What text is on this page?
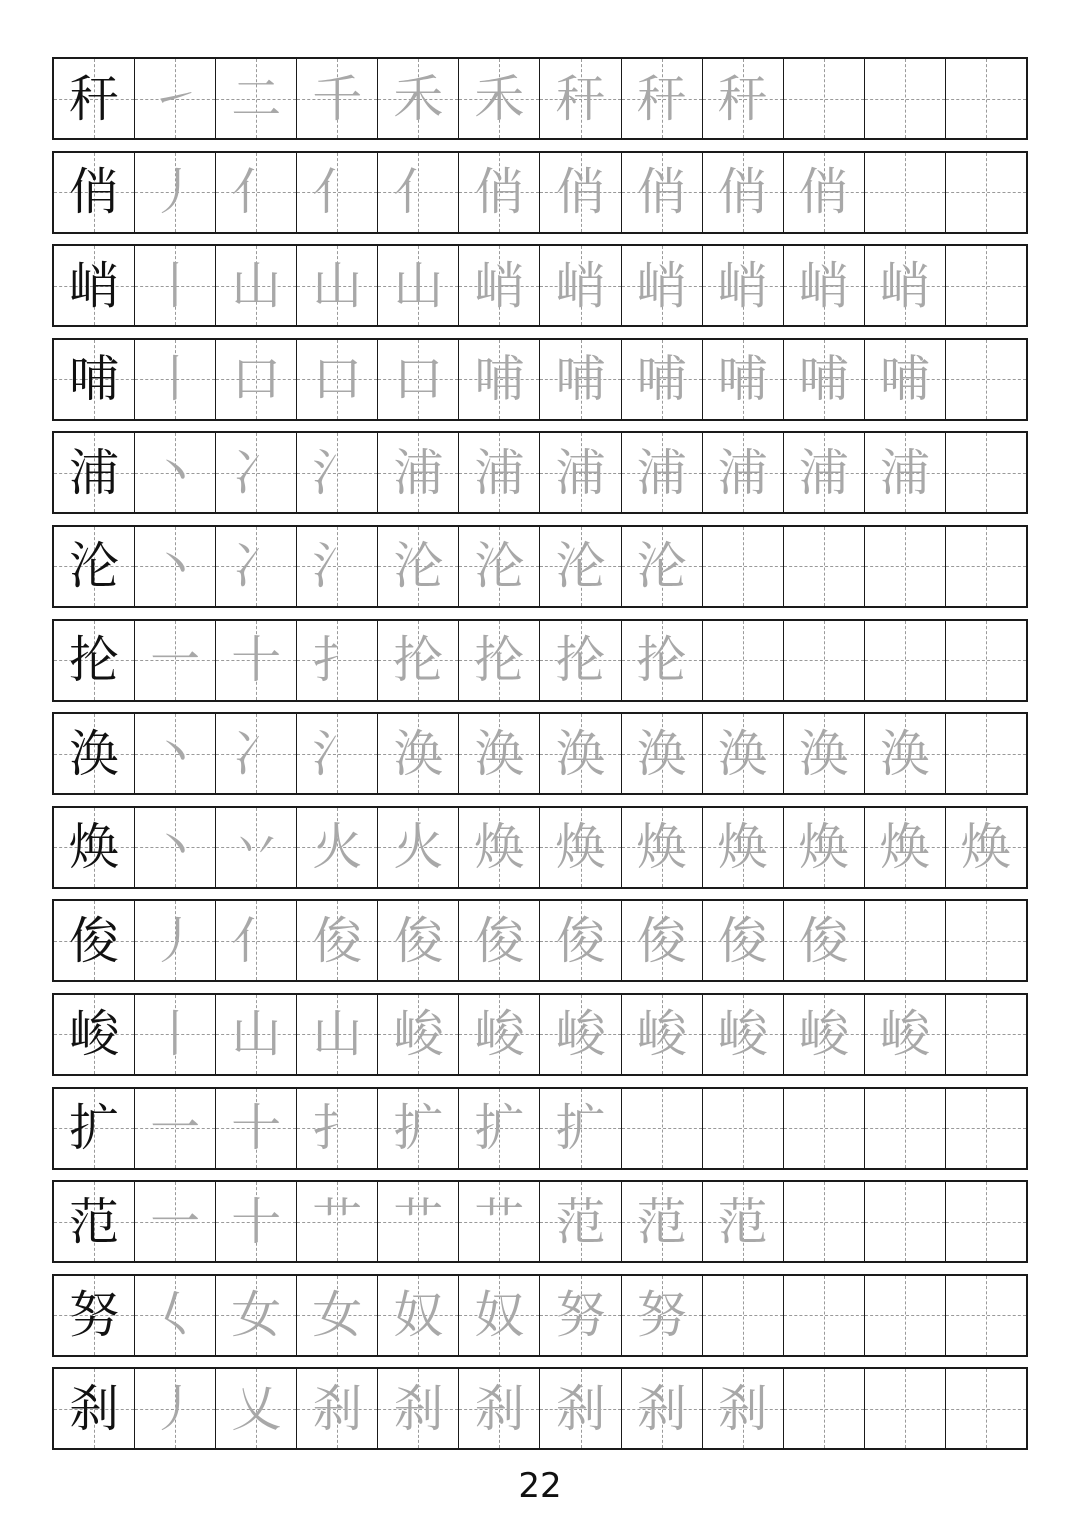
秆 ㇀ 二 千 禾 禾 秆 秆 秆
俏 丿 亻 亻 亻 俏 俏 俏 俏 俏
峭 丨 山 山 山 峭 峭 峭 峭 峭 峭
哺 丨 口 口 口 哺 哺 哺 哺 哺 哺
浦 丶 冫 氵 浦 浦 浦 浦 浦 浦 浦
沦 丶 冫 氵 沦 沦 沦 沦
抡 一 十 扌 抡 抡 抡 抡
涣 丶 冫 氵 涣 涣 涣 涣 涣 涣 涣
焕 丶 丷 火 火 焕 焕 焕 焕 焕 焕 焕
俊 丿 亻 俊 俊 俊 俊 俊 俊 俊
峻 丨 山 山 峻 峻 峻 峻 峻 峻 峻
扩 一 十 扌 扩 扩 扩
范 一 十 艹 艹 艹 范 范 范
努 𡿨 女 女 奴 奴 努 努
刹 丿 乂 刹 刹 刹 刹 刹 刹
22
